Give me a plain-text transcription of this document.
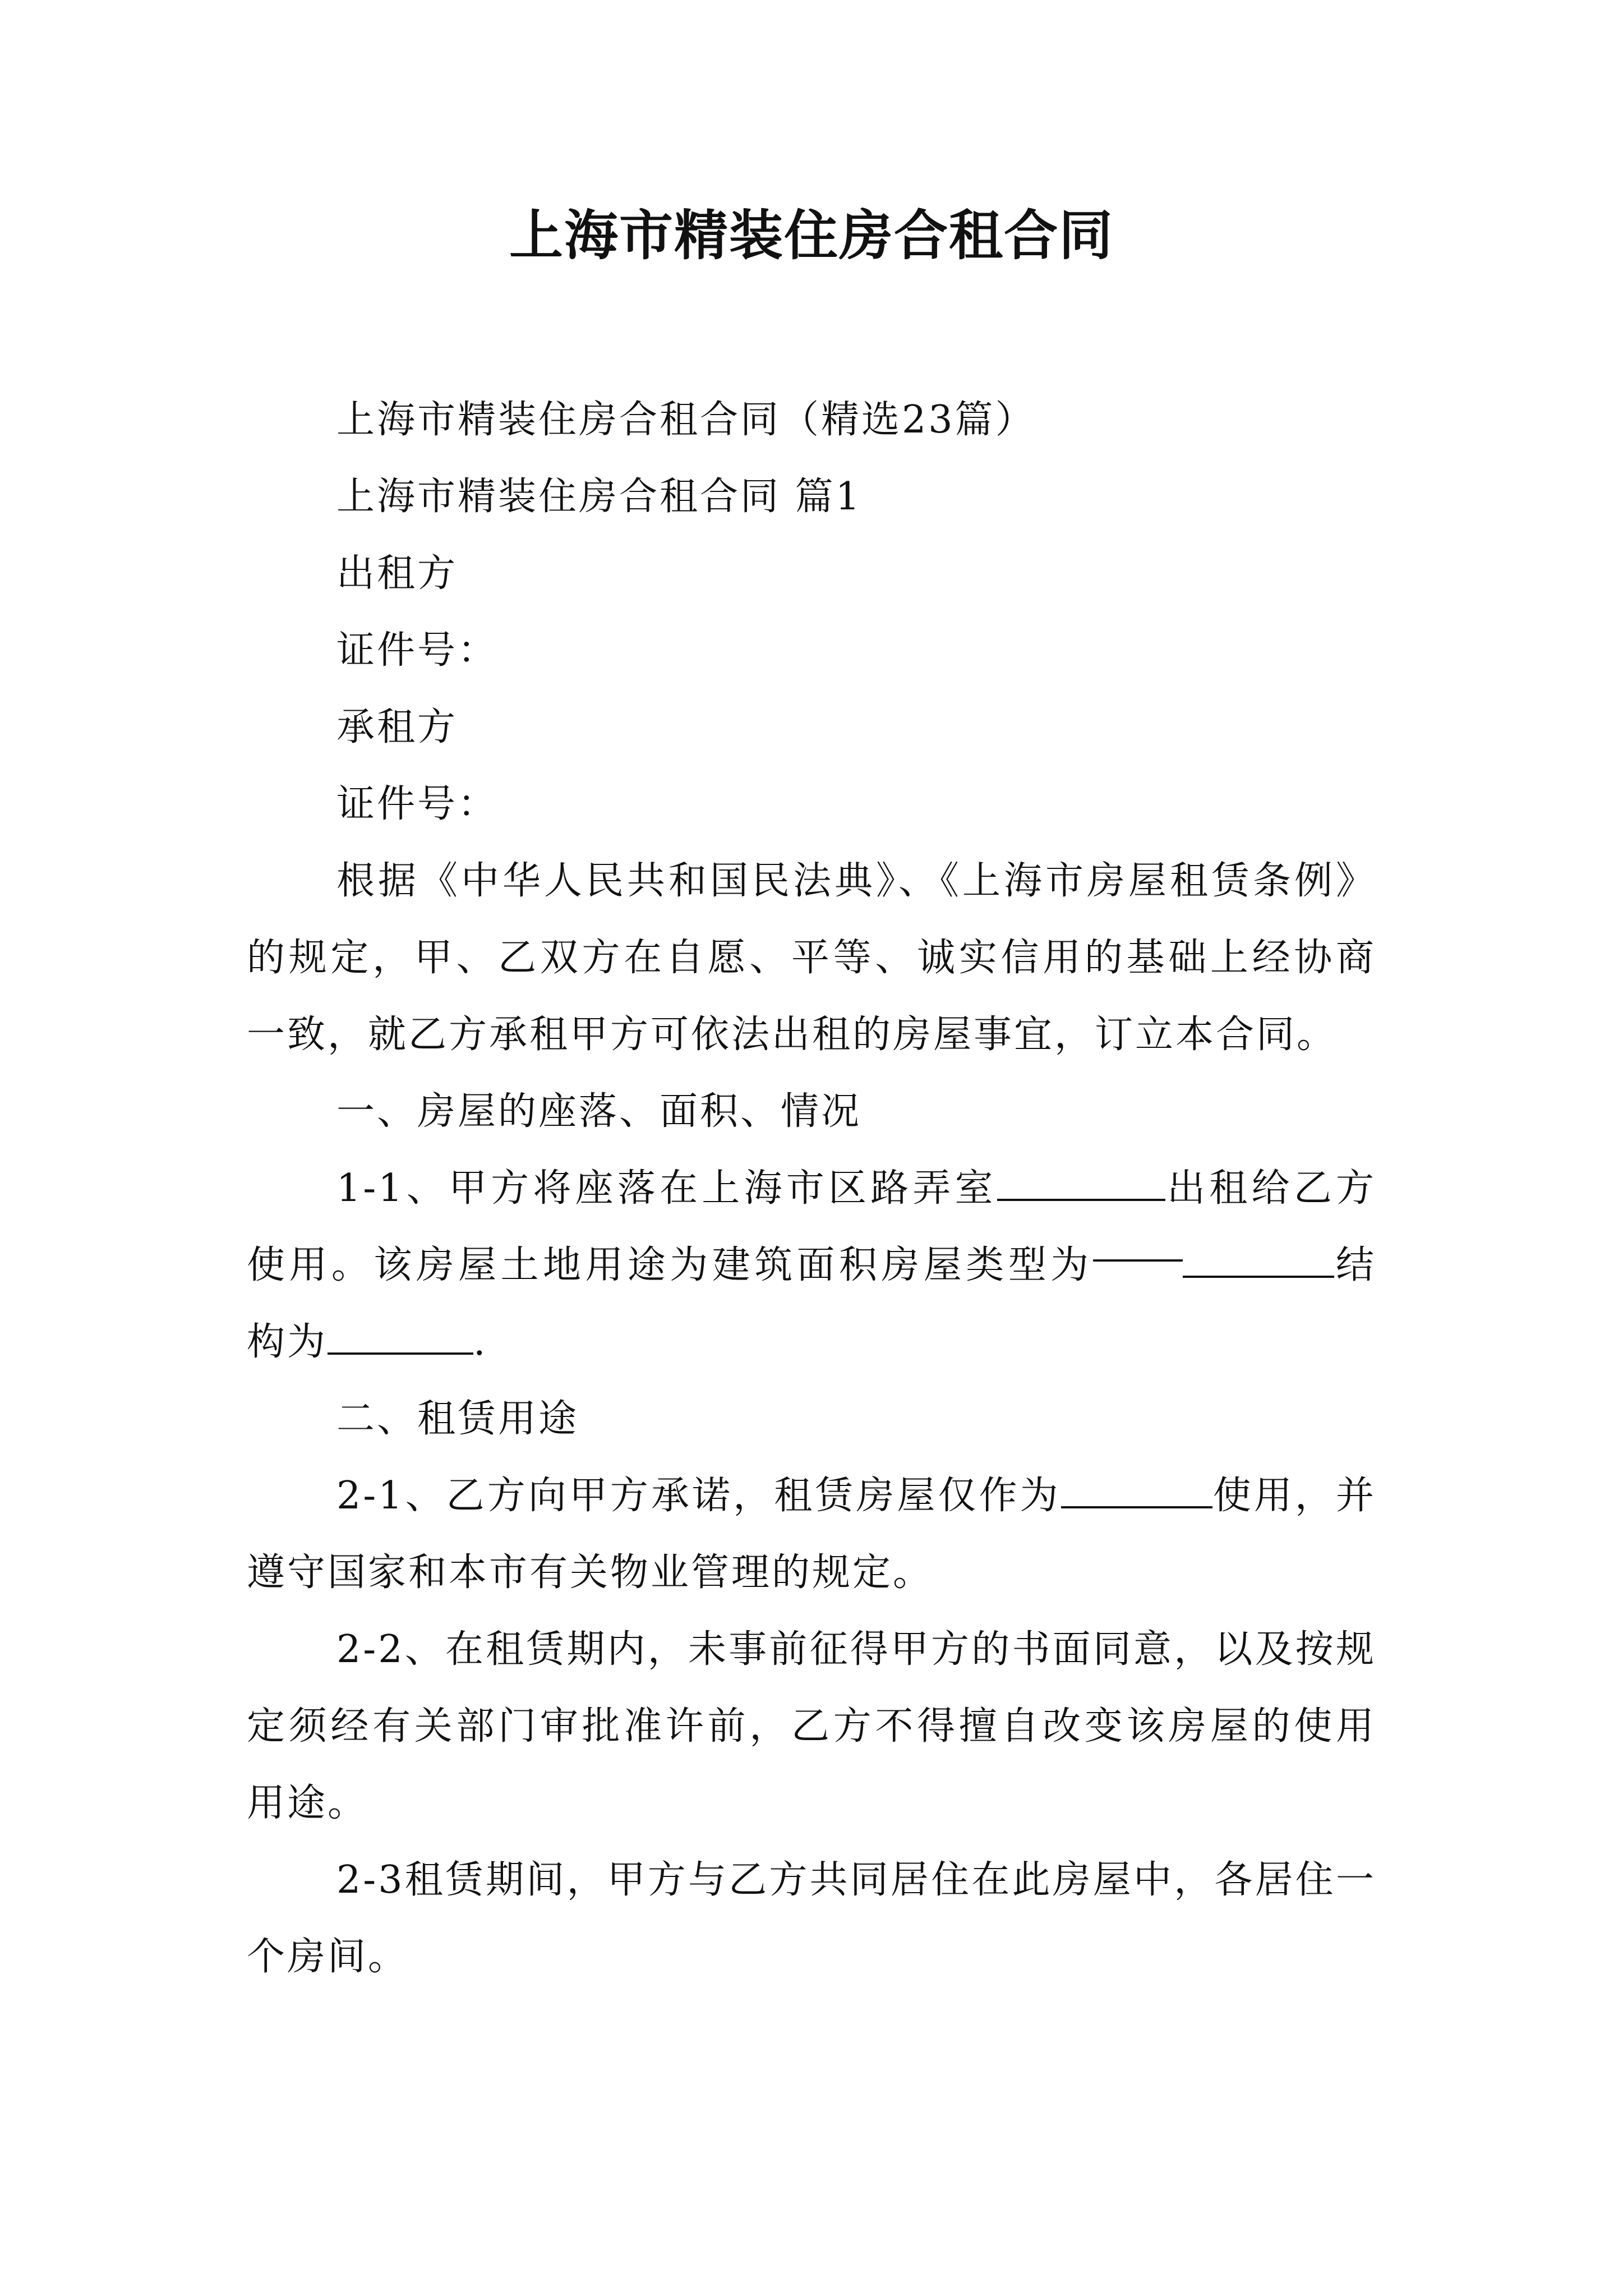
上海市精装住房合租合同

上海市精装住房合租合同（精选23篇）

上海市精装住房合租合同 篇1

出租方

证件号：

承租方

证件号：

根据《中华人民共和国民法典》、《上海市房屋租赁条例》的规定，甲、乙双方在自愿、平等、诚实信用的基础上经协商一致，就乙方承租甲方可依法出租的房屋事宜，订立本合同。

一、房屋的座落、面积、情况

1-1、甲方将座落在上海市区路弄室	出租给乙方使用。该房屋土地用途为建筑面积房屋类型为	结构为	.

二、租赁用途

2-1、乙方向甲方承诺，租赁房屋仅作为	使用，并遵守国家和本市有关物业管理的规定。

2-2、在租赁期内，未事前征得甲方的书面同意，以及按规定须经有关部门审批准许前，乙方不得擅自改变该房屋的使用用途。

2-3租赁期间，甲方与乙方共同居住在此房屋中，各居住一个房间。
